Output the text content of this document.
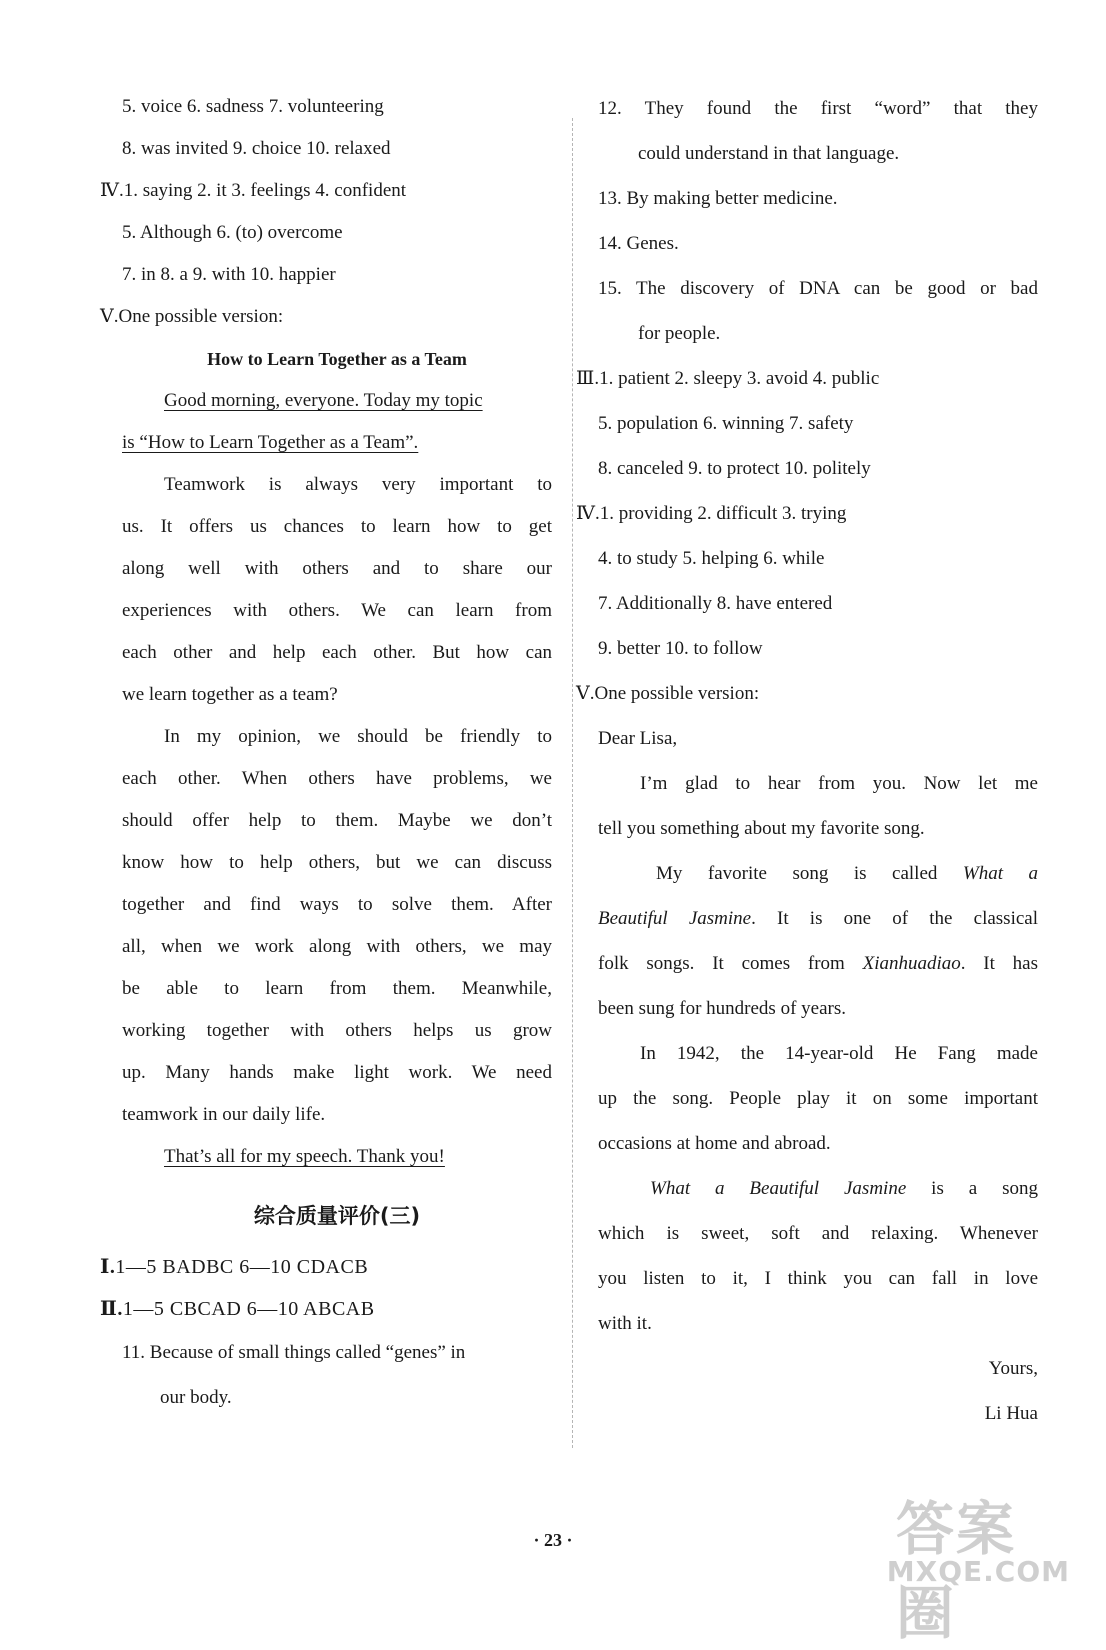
5. voice 6. sadness 7. volunteering
8. was invited 9. choice 10. relaxed
Ⅳ.1. saying 2. it 3. feelings 4. confident
5. Although 6. (to) overcome
7. in 8. a 9. with 10. happier
Ⅴ.One possible version:
How to Learn Together as a Team
Good morning, everyone. Today my topic
is “How to Learn Together as a Team”.
Teamwork is always very important to
us. It offers us chances to learn how to get
along well with others and to share our
experiences with others. We can learn from
each other and help each other. But how can
we learn together as a team?
In my opinion, we should be friendly to
each other. When others have problems, we
should offer help to them. Maybe we don’t
know how to help others, but we can discuss
together and find ways to solve them. After
all, when we work along with others, we may
be able to learn from them. Meanwhile,
working together with others helps us grow
up. Many hands make light work. We need
teamwork in our daily life.
That’s all for my speech. Thank you!
综合质量评价(三)
Ⅰ.1—5 BADBC 6—10 CDACB
Ⅱ.1—5 CBCAD 6—10 ABCAB
11. Because of small things called “genes” in
our body.
12. They found the first “word” that they
could understand in that language.
13. By making better medicine.
14. Genes.
15. The discovery of DNA can be good or bad
for people.
Ⅲ.1. patient 2. sleepy 3. avoid 4. public
5. population 6. winning 7. safety
8. canceled 9. to protect 10. politely
Ⅳ.1. providing 2. difficult 3. trying
4. to study 5. helping 6. while
7. Additionally 8. have entered
9. better 10. to follow
Ⅴ.One possible version:
Dear Lisa,
I’m glad to hear from you. Now let me
tell you something about my favorite song.
My favorite song is called What a
Beautiful Jasmine. It is one of the classical
folk songs. It comes from Xianhuadiao. It has
been sung for hundreds of years.
In 1942, the 14-year-old He Fang made
up the song. People play it on some important
occasions at home and abroad.
What a Beautiful Jasmine is a song
which is sweet, soft and relaxing. Whenever
you listen to it, I think you can fall in love
with it.
Yours,
Li Hua
· 23 ·	答案圈
MXQE.COM
